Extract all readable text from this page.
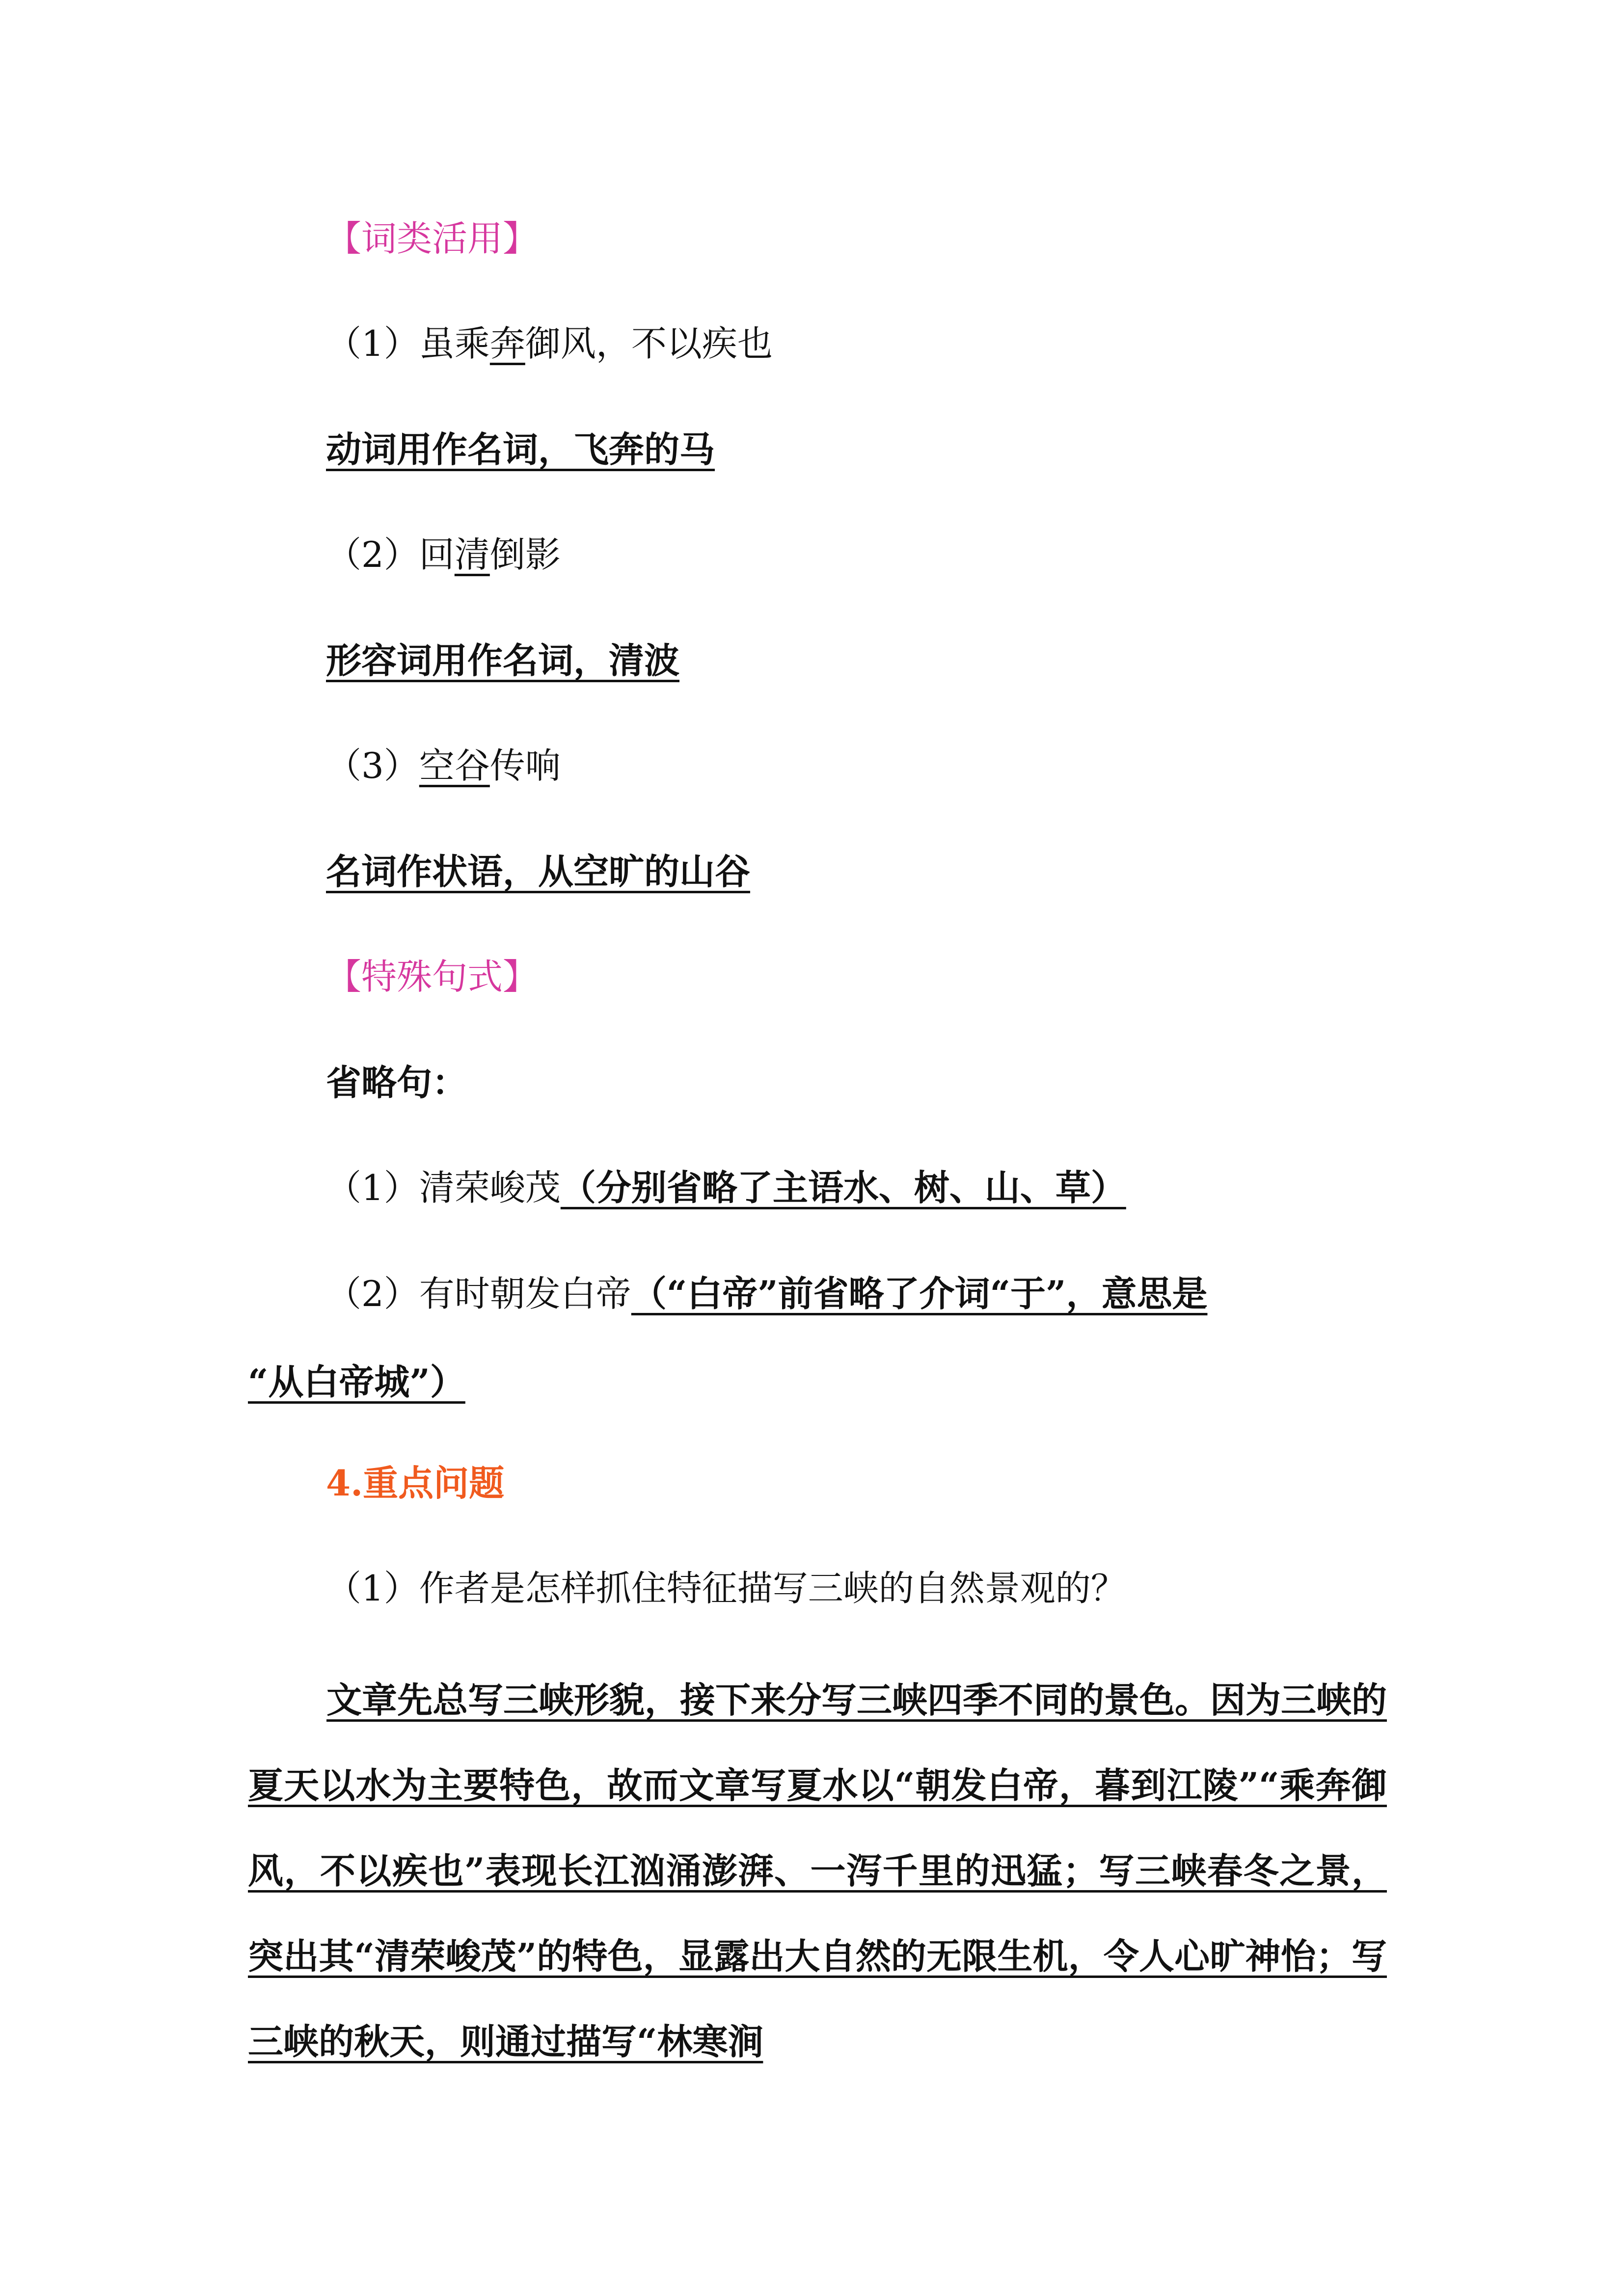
【词类活用】
（1）虽乘奔御风，不以疾也
动词用作名词，飞奔的马
（2）回清倒影
形容词用作名词，清波
（3）空谷传响
名词作状语，从空旷的山谷
【特殊句式】
省略句：
（1）清荣峻茂（分别省略了主语水、树、山、草）
（2）有时朝发白帝（“白帝”前省略了介词“于”，意思是
“从白帝城”）
4.重点问题
（1）作者是怎样抓住特征描写三峡的自然景观的？
文章先总写三峡形貌，接下来分写三峡四季不同的景色。因为三峡的夏天以水为主要特色，故而文章写夏水以“朝发白帝，暮到江陵”“乘奔御风，不以疾也”表现长江汹涌澎湃、一泻千里的迅猛；写三峡春冬之景，突出其“清荣峻茂”的特色，显露出大自然的无限生机，令人心旷神怡；写三峡的秋天，则通过描写“林寒涧
